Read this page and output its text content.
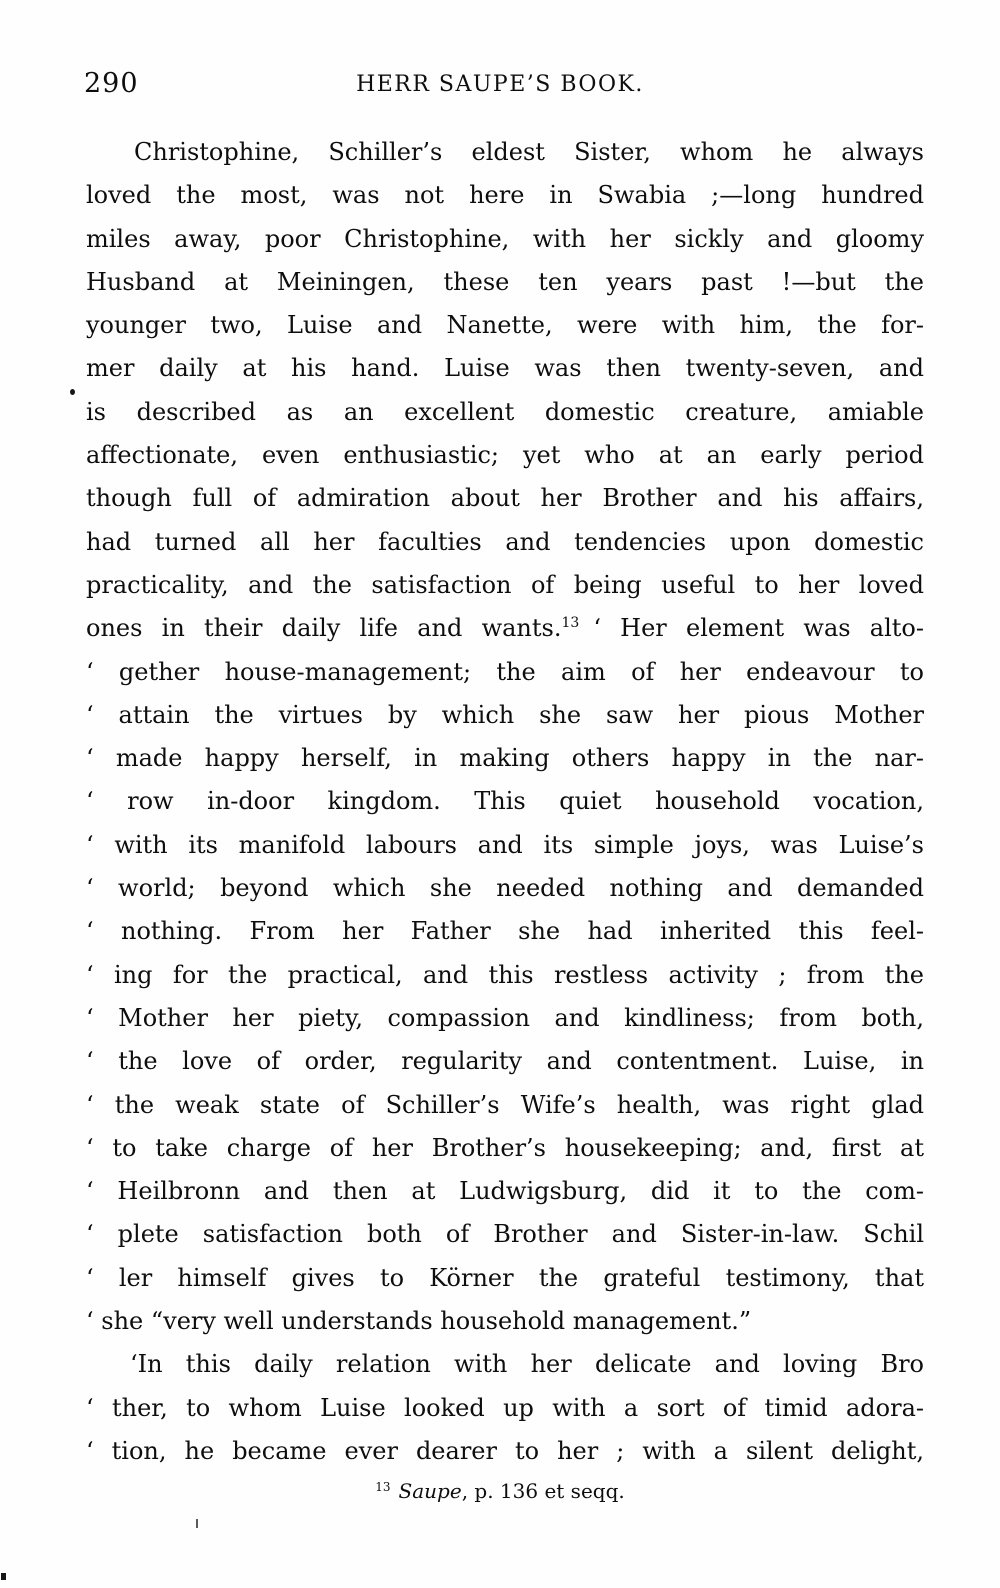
290	HERR SAUPE’S BOOK.
Christophine, Schiller’s eldest Sister, whom he always
loved the most, was not here in Swabia ;—long hundred
miles away, poor Christophine, with her sickly and gloomy
Husband at Meiningen, these ten years past !—but the
younger two, Luise and Nanette, were with him, the for-
mer daily at his hand. Luise was then twenty-seven, and
is described as an excellent domestic creature, amiable
affectionate, even enthusiastic; yet who at an early period
though full of admiration about her Brother and his affairs,
had turned all her faculties and tendencies upon domestic
practicality, and the satisfaction of being useful to her loved
ones in their daily life and wants.$^{13}$ ‘ Her element was alto-
‘ gether house-management; the aim of her endeavour to
‘ attain the virtues by which she saw her pious Mother
‘ made happy herself, in making others happy in the nar-
‘ row in-door kingdom. This quiet household vocation,
‘ with its manifold labours and its simple joys, was Luise’s
‘ world; beyond which she needed nothing and demanded
‘ nothing. From her Father she had inherited this feel-
‘ ing for the practical, and this restless activity ; from the
‘ Mother her piety, compassion and kindliness; from both,
‘ the love of order, regularity and contentment. Luise, in
‘ the weak state of Schiller’s Wife’s health, was right glad
‘ to take charge of her Brother’s housekeeping; and, first at
‘ Heilbronn and then at Ludwigsburg, did it to the com-
‘ plete satisfaction both of Brother and Sister-in-law. Schil
‘ ler himself gives to Körner the grateful testimony, that
‘ she “very well understands household management.”
‘In this daily relation with her delicate and loving Bro
‘ ther, to whom Luise looked up with a sort of timid adora-
‘ tion, he became ever dearer to her ; with a silent delight,
$^{13}$ Saupe, p. 136 et seqq.
